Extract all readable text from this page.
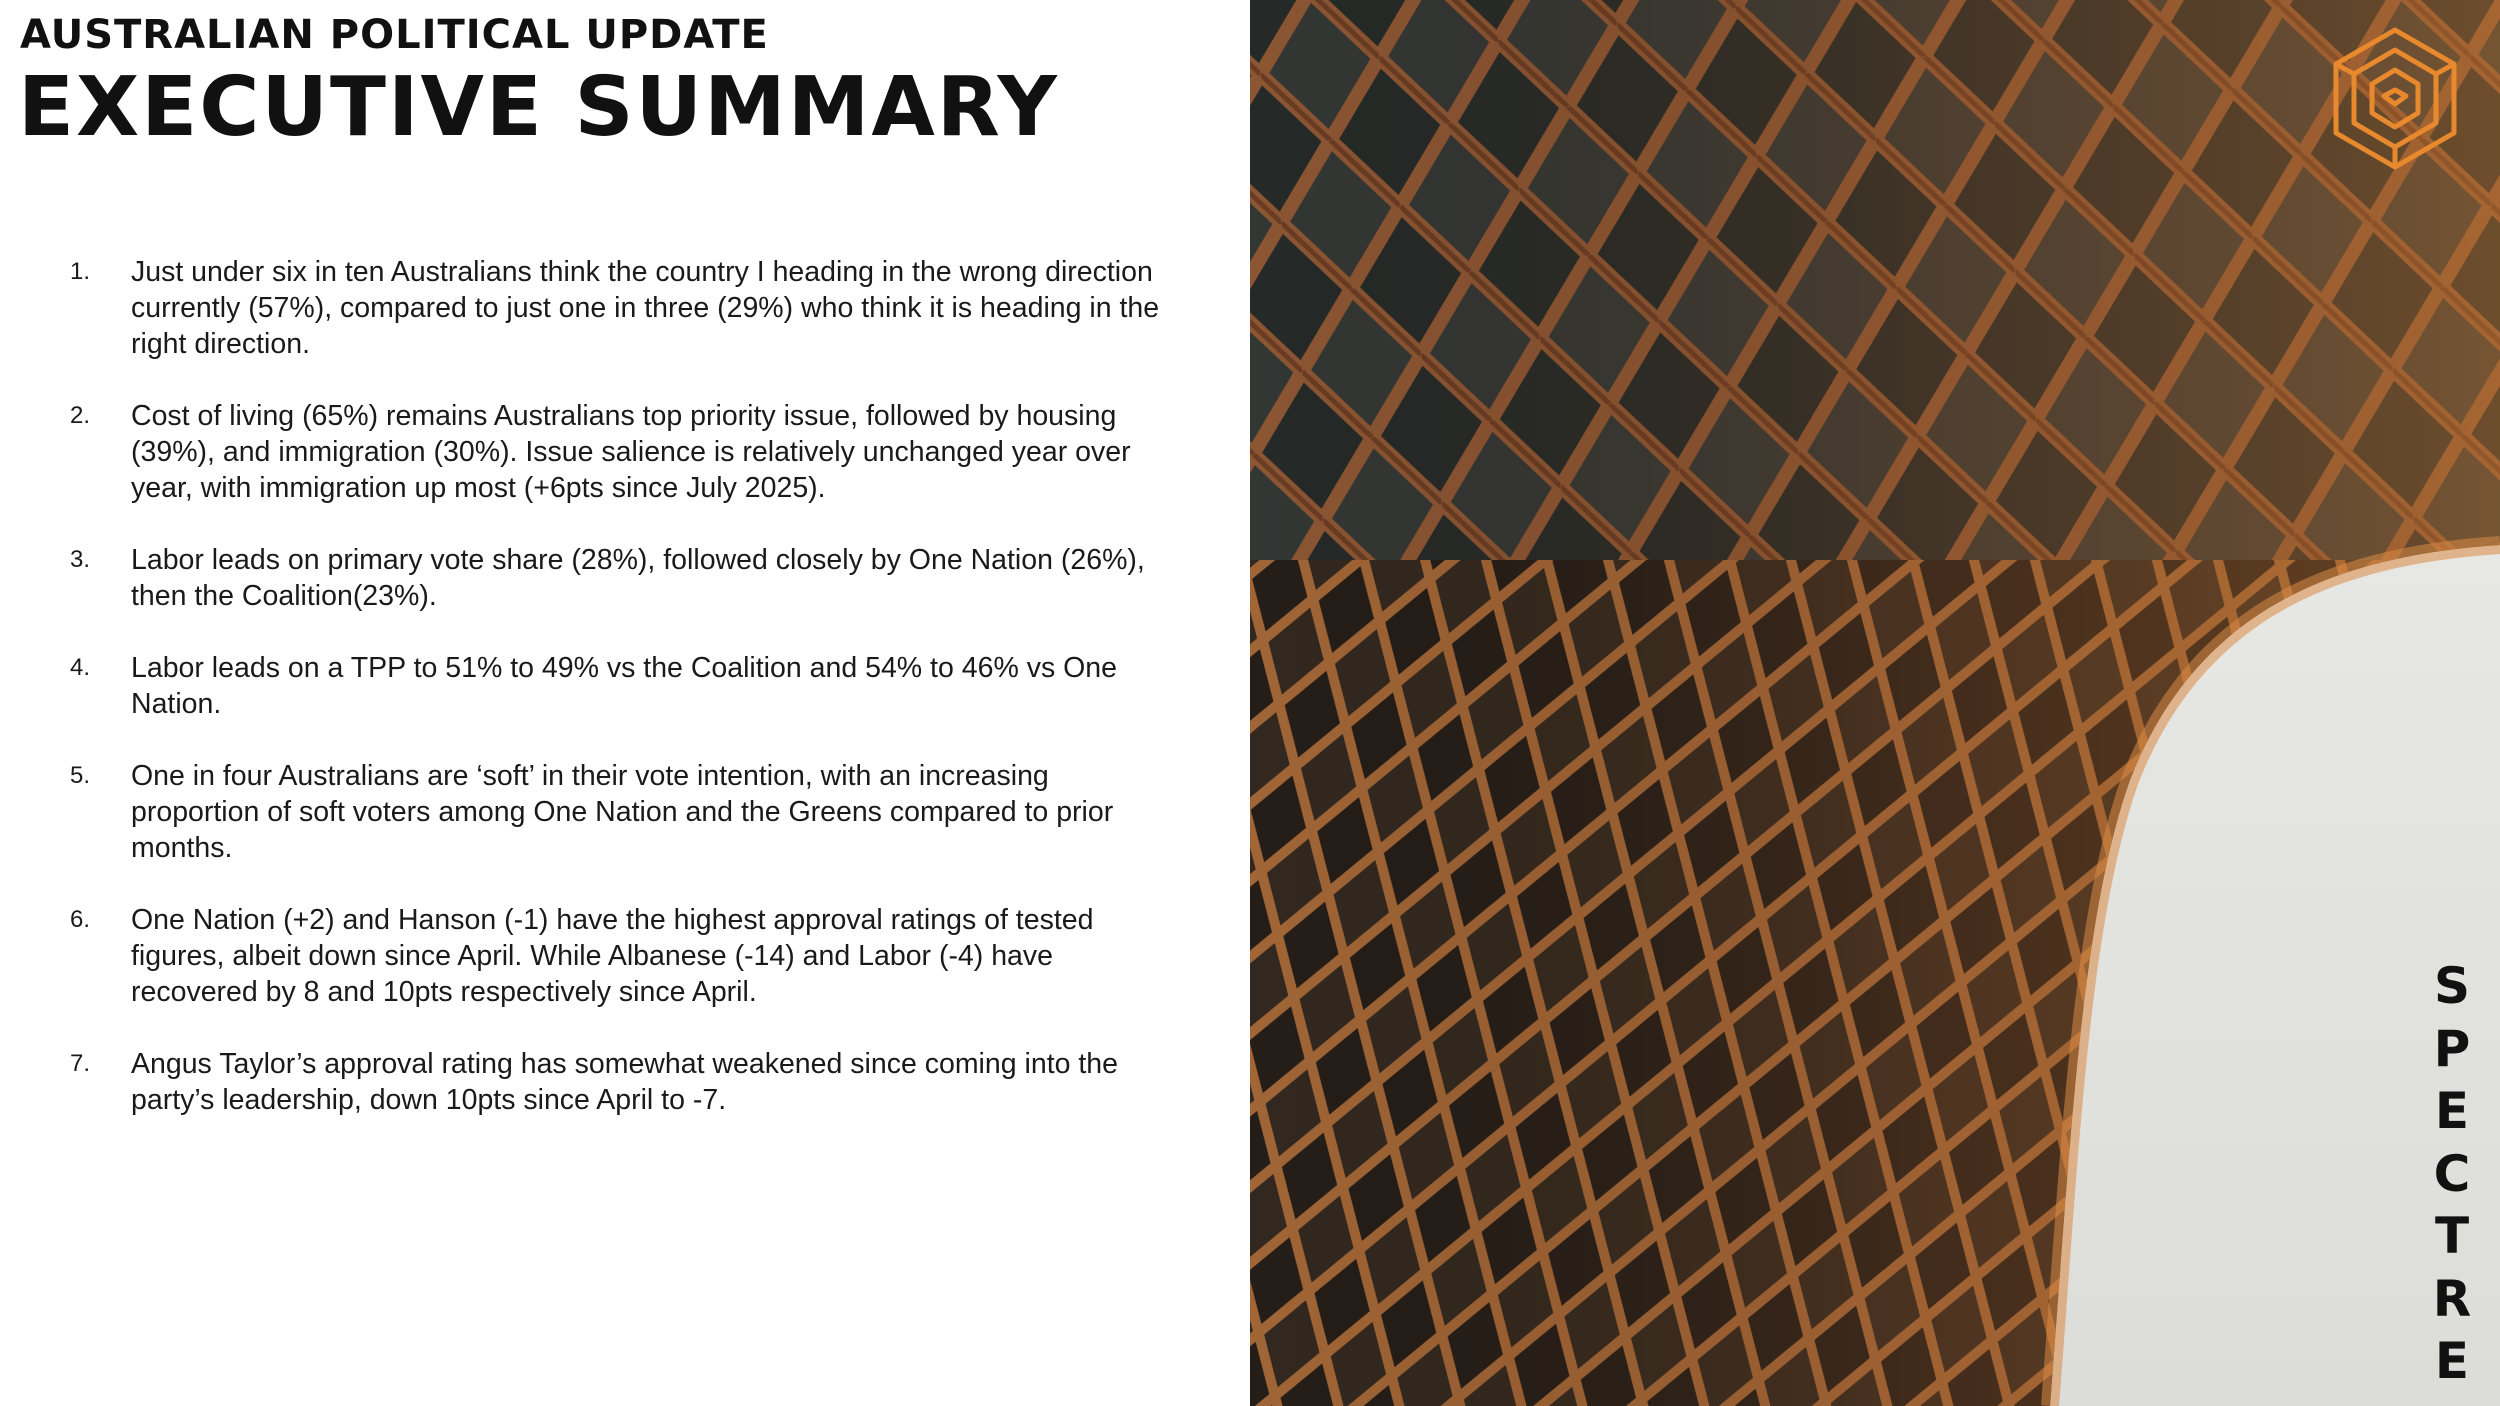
AUSTRALIAN POLITICAL UPDATE
EXECUTIVE SUMMARY
1.	Just under six in ten Australians think the country I heading in the wrong direction currently (57%), compared to just one in three (29%) who think it is heading in the right direction.
2.	Cost of living (65%) remains Australians top priority issue, followed by housing (39%), and immigration (30%). Issue salience is relatively unchanged year over year, with immigration up most (+6pts since July 2025).
3.	Labor leads on primary vote share (28%), followed closely by One Nation (26%), then the Coalition(23%).
4.	Labor leads on a TPP to 51% to 49% vs the Coalition and 54% to 46% vs One Nation.
5.	One in four Australians are ‘soft’ in their vote intention, with an increasing proportion of soft voters among One Nation and the Greens compared to prior months.
6.	One Nation (+2) and Hanson (-1) have the highest approval ratings of tested figures, albeit down since April. While Albanese (-14) and Labor (-4) have recovered by 8 and 10pts respectively since April.
7.	Angus Taylor’s approval rating has somewhat weakened since coming into the party’s leadership, down 10pts since April to -7.
S
P
E
C
T
R
E
